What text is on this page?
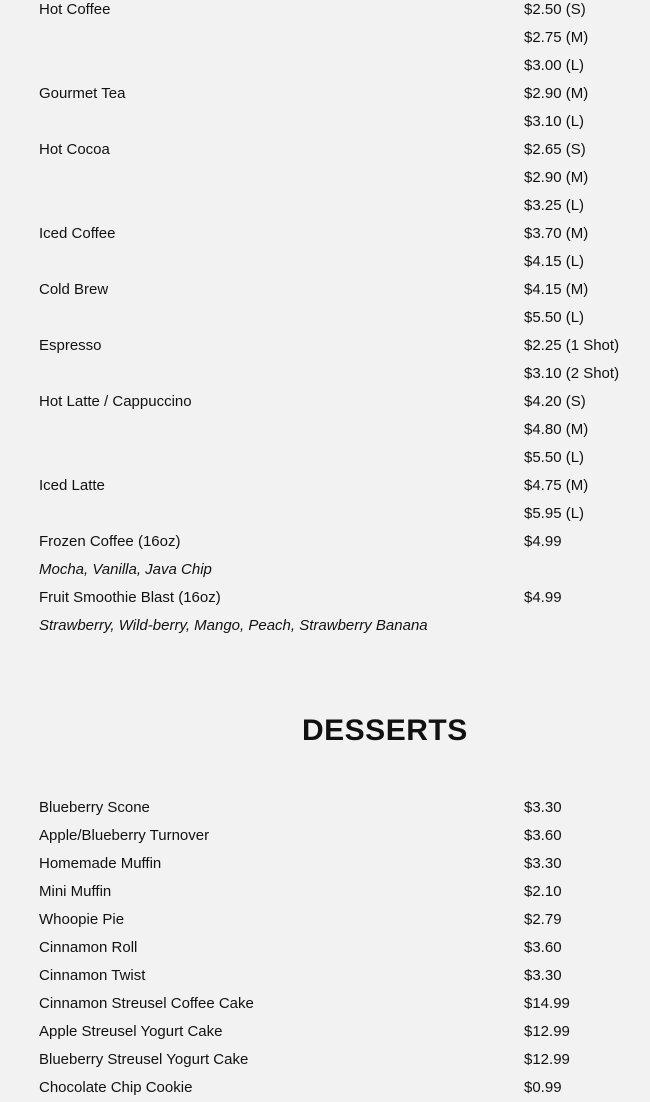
Hot Coffee	$2.50 (S)
$2.75 (M)
$3.00 (L)
Gourmet Tea	$2.90 (M)
$3.10 (L)
Hot Cocoa	$2.65 (S)
$2.90 (M)
$3.25 (L)
Iced Coffee	$3.70 (M)
$4.15 (L)
Cold Brew	$4.15 (M)
$5.50 (L)
Espresso	$2.25 (1 Shot)
$3.10 (2 Shot)
Hot Latte / Cappuccino	$4.20 (S)
$4.80 (M)
$5.50 (L)
Iced Latte	$4.75 (M)
$5.95 (L)
Frozen Coffee (16oz)	$4.99
Mocha, Vanilla, Java Chip
Fruit Smoothie Blast (16oz)	$4.99
Strawberry, Wild-berry, Mango, Peach, Strawberry Banana
DESSERTS
Blueberry Scone	$3.30
Apple/Blueberry Turnover	$3.60
Homemade Muffin	$3.30
Mini Muffin	$2.10
Whoopie Pie	$2.79
Cinnamon Roll	$3.60
Cinnamon Twist	$3.30
Cinnamon Streusel Coffee Cake	$14.99
Apple Streusel Yogurt Cake	$12.99
Blueberry Streusel Yogurt Cake	$12.99
Chocolate Chip Cookie	$0.99
